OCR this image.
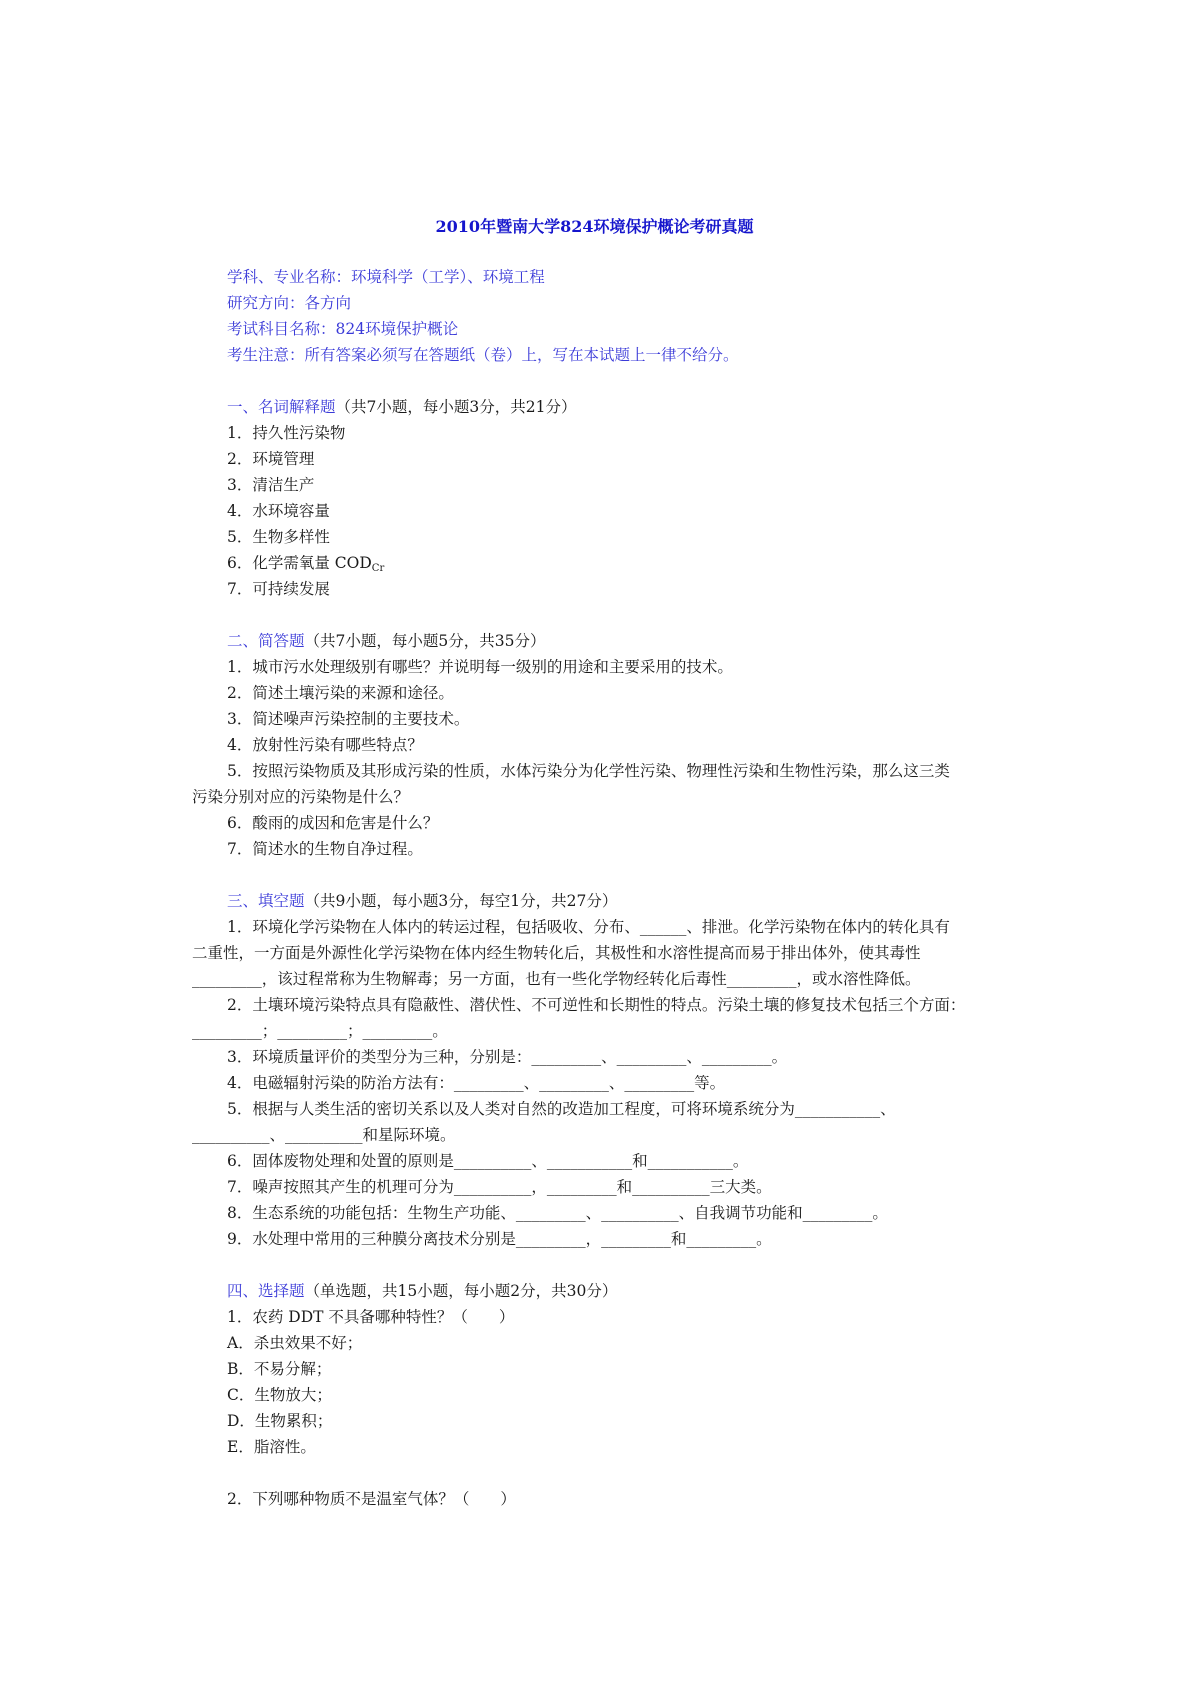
2010年暨南大学824环境保护概论考研真题
学科、专业名称：环境科学（工学）、环境工程
研究方向：各方向
考试科目名称：824环境保护概论
考生注意：所有答案必须写在答题纸（卷）上，写在本试题上一律不给分。
一、名词解释题（共7小题，每小题3分，共21分）
1．持久性污染物
2．环境管理
3．清洁生产
4．水环境容量
5．生物多样性
6．化学需氧量 $COD_{Cr}$
7．可持续发展
二、简答题（共7小题，每小题5分，共35分）
1．城市污水处理级别有哪些？并说明每一级别的用途和主要采用的技术。
2．简述土壤污染的来源和途径。
3．简述噪声污染控制的主要技术。
4．放射性污染有哪些特点？
5．按照污染物质及其形成污染的性质，水体污染分为化学性污染、物理性污染和生物性污染，那么这三类
污染分别对应的污染物是什么？
6．酸雨的成因和危害是什么？
7．简述水的生物自净过程。
三、填空题（共9小题，每小题3分，每空1分，共27分）
1．环境化学污染物在人体内的转运过程，包括吸收、分布、______、排泄。化学污染物在体内的转化具有
二重性，一方面是外源性化学污染物在体内经生物转化后，其极性和水溶性提高而易于排出体外，使其毒性
_________，该过程常称为生物解毒；另一方面，也有一些化学物经转化后毒性_________，或水溶性降低。
2．土壤环境污染特点具有隐蔽性、潜伏性、不可逆性和长期性的特点。污染土壤的修复技术包括三个方面：
_________；_________；_________。
3．环境质量评价的类型分为三种，分别是：_________、_________、_________。
4．电磁辐射污染的防治方法有：_________、_________、_________等。
5．根据与人类生活的密切关系以及人类对自然的改造加工程度，可将环境系统分为___________、
__________、__________和星际环境。
6．固体废物处理和处置的原则是__________、___________和___________。
7．噪声按照其产生的机理可分为__________，_________和__________三大类。
8．生态系统的功能包括：生物生产功能、_________、__________、自我调节功能和_________。
9．水处理中常用的三种膜分离技术分别是_________，_________和_________。
四、选择题（单选题，共15小题，每小题2分，共30分）
1．农药 DDT 不具备哪种特性？（　　）
A．杀虫效果不好；
B．不易分解；
C．生物放大；
D．生物累积；
E．脂溶性。
2．下列哪种物质不是温室气体？（　　）
